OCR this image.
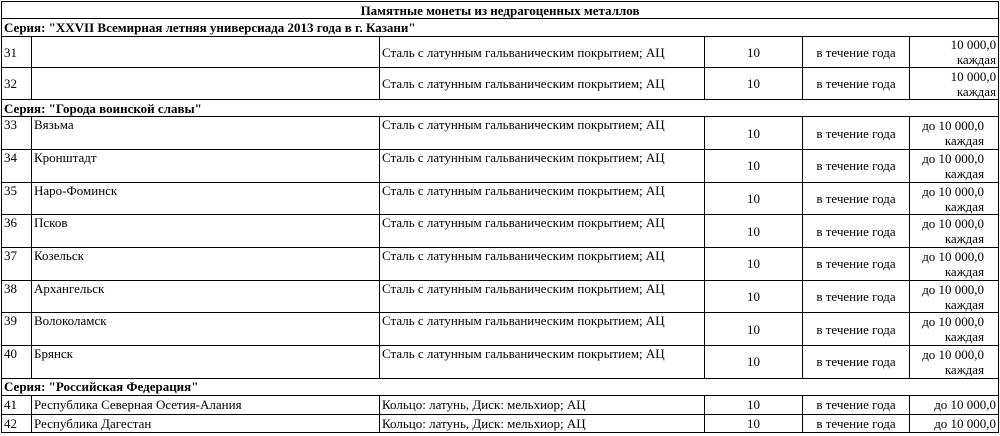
Памятные монеты из недрагоценных металлов					
Серия: "XXVII Всемирная летняя универсиада 2013 года в г. Казани"					
31		Сталь с латунным гальваническим покрытием; АЦ	10	в течение года	10 000,0 каждая
32		Сталь с латунным гальваническим покрытием; АЦ	10	в течение года	10 000,0 каждая
Серия: "Города воинской славы"					
33	Вязьма	Сталь с латунным гальваническим покрытием; АЦ	10	в течение года	до 10 000,0 каждая
34	Кронштадт	Сталь с латунным гальваническим покрытием; АЦ	10	в течение года	до 10 000,0 каждая
35	Наро-Фоминск	Сталь с латунным гальваническим покрытием; АЦ	10	в течение года	до 10 000,0 каждая
36	Псков	Сталь с латунным гальваническим покрытием; АЦ	10	в течение года	до 10 000,0 каждая
37	Козельск	Сталь с латунным гальваническим покрытием; АЦ	10	в течение года	до 10 000,0 каждая
38	Архангельск	Сталь с латунным гальваническим покрытием; АЦ	10	в течение года	до 10 000,0 каждая
39	Волоколамск	Сталь с латунным гальваническим покрытием; АЦ	10	в течение года	до 10 000,0 каждая
40	Брянск	Сталь с латунным гальваническим покрытием; АЦ	10	в течение года	до 10 000,0 каждая
Серия: "Российская Федерация"					
41	Республика Северная Осетия-Алания	Кольцо: латунь, Диск: мельхиор; АЦ	10	в течение года	до 10 000,0
42	Республика Дагестан	Кольцо: латунь, Диск: мельхиор; АЦ	10	в течение года	до 10 000,0
